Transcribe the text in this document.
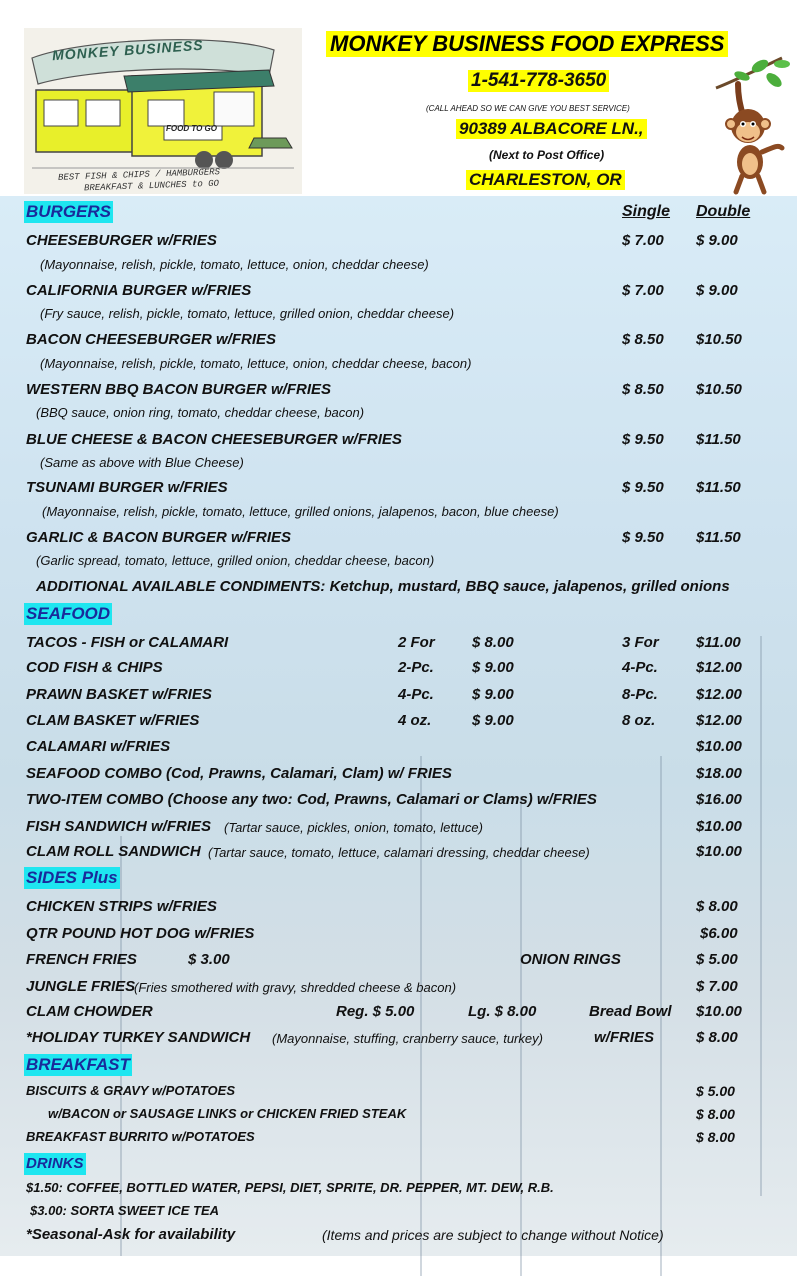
MONKEY BUSINESS
FOOD TO GO
BEST FISH & CHIPS / HAMBURGERS
BREAKFAST & LUNCHES to GO
MONKEY BUSINESS FOOD EXPRESS
1-541-778-3650
(CALL AHEAD SO WE CAN GIVE YOU BEST SERVICE)
90389 ALBACORE LN.,
(Next to Post Office)
CHARLESTON, OR
BURGERS	Single Double
CHEESEBURGER w/FRIES
(Mayonnaise, relish, pickle, tomato, lettuce, onion, cheddar cheese)
$ 7.00 $ 9.00
CALIFORNIA BURGER w/FRIES
(Fry sauce, relish, pickle, tomato, lettuce, grilled onion, cheddar cheese)
$ 7.00 $ 9.00
BACON CHEESEBURGER w/FRIES
(Mayonnaise, relish, pickle, tomato, lettuce, onion, cheddar cheese, bacon)
$ 8.50 $10.50
WESTERN BBQ BACON BURGER w/FRIES
(BBQ sauce, onion ring, tomato, cheddar cheese, bacon)
$ 8.50 $10.50
BLUE CHEESE & BACON CHEESEBURGER w/FRIES
(Same as above with Blue Cheese)
$ 9.50 $11.50
TSUNAMI BURGER w/FRIES
(Mayonnaise, relish, pickle, tomato, lettuce, grilled onions, jalapenos, bacon, blue cheese)
$ 9.50 $11.50
GARLIC & BACON BURGER w/FRIES
(Garlic spread, tomato, lettuce, grilled onion, cheddar cheese, bacon)
$ 9.50 $11.50
ADDITIONAL AVAILABLE CONDIMENTS: Ketchup, mustard, BBQ sauce, jalapenos, grilled onions
SEAFOOD
TACOS - FISH or CALAMARI	2 For $ 8.00	3 For $11.00
COD FISH & CHIPS	2-Pc.	$ 9.00	4-Pc.	$12.00
PRAWN BASKET w/FRIES	4-Pc.	$ 9.00	8-Pc.	$12.00
CLAM BASKET w/FRIES	4 oz.	$ 9.00	8 oz.	$12.00
CALAMARI w/FRIES	$10.00
SEAFOOD COMBO (Cod, Prawns, Calamari, Clam) w/ FRIES	$18.00
TWO-ITEM COMBO (Choose any two: Cod, Prawns, Calamari or Clams) w/FRIES	$16.00
FISH SANDWICH w/FRIES (Tartar sauce, pickles, onion, tomato, lettuce)	$10.00
CLAM ROLL SANDWICH (Tartar sauce, tomato, lettuce, calamari dressing, cheddar cheese)	$10.00
SIDES Plus
CHICKEN STRIPS w/FRIES	$ 8.00
QTR POUND HOT DOG w/FRIES	$6.00
FRENCH FRIES	$ 3.00	ONION RINGS	$ 5.00
JUNGLE FRIES
(Fries smothered with gravy, shredded cheese & bacon)	$ 7.00
CLAM CHOWDER	Reg. $ 5.00	Lg. $ 8.00	Bread Bowl $10.00
*HOLIDAY TURKEY SANDWICH (Mayonnaise, stuffing, cranberry sauce, turkey)	w/FRIES	$ 8.00
BREAKFAST
BISCUITS & GRAVY w/POTATOES	$ 5.00
w/BACON or SAUSAGE LINKS or CHICKEN FRIED STEAK	$ 8.00
BREAKFAST BURRITO w/POTATOES	$ 8.00
DRINKS
$1.50: COFFEE, BOTTLED WATER, PEPSI, DIET, SPRITE, DR. PEPPER, MT. DEW, R.B.
$3.00: SORTA SWEET ICE TEA
*Seasonal-Ask for availability	(Items and prices are subject to change without Notice)
